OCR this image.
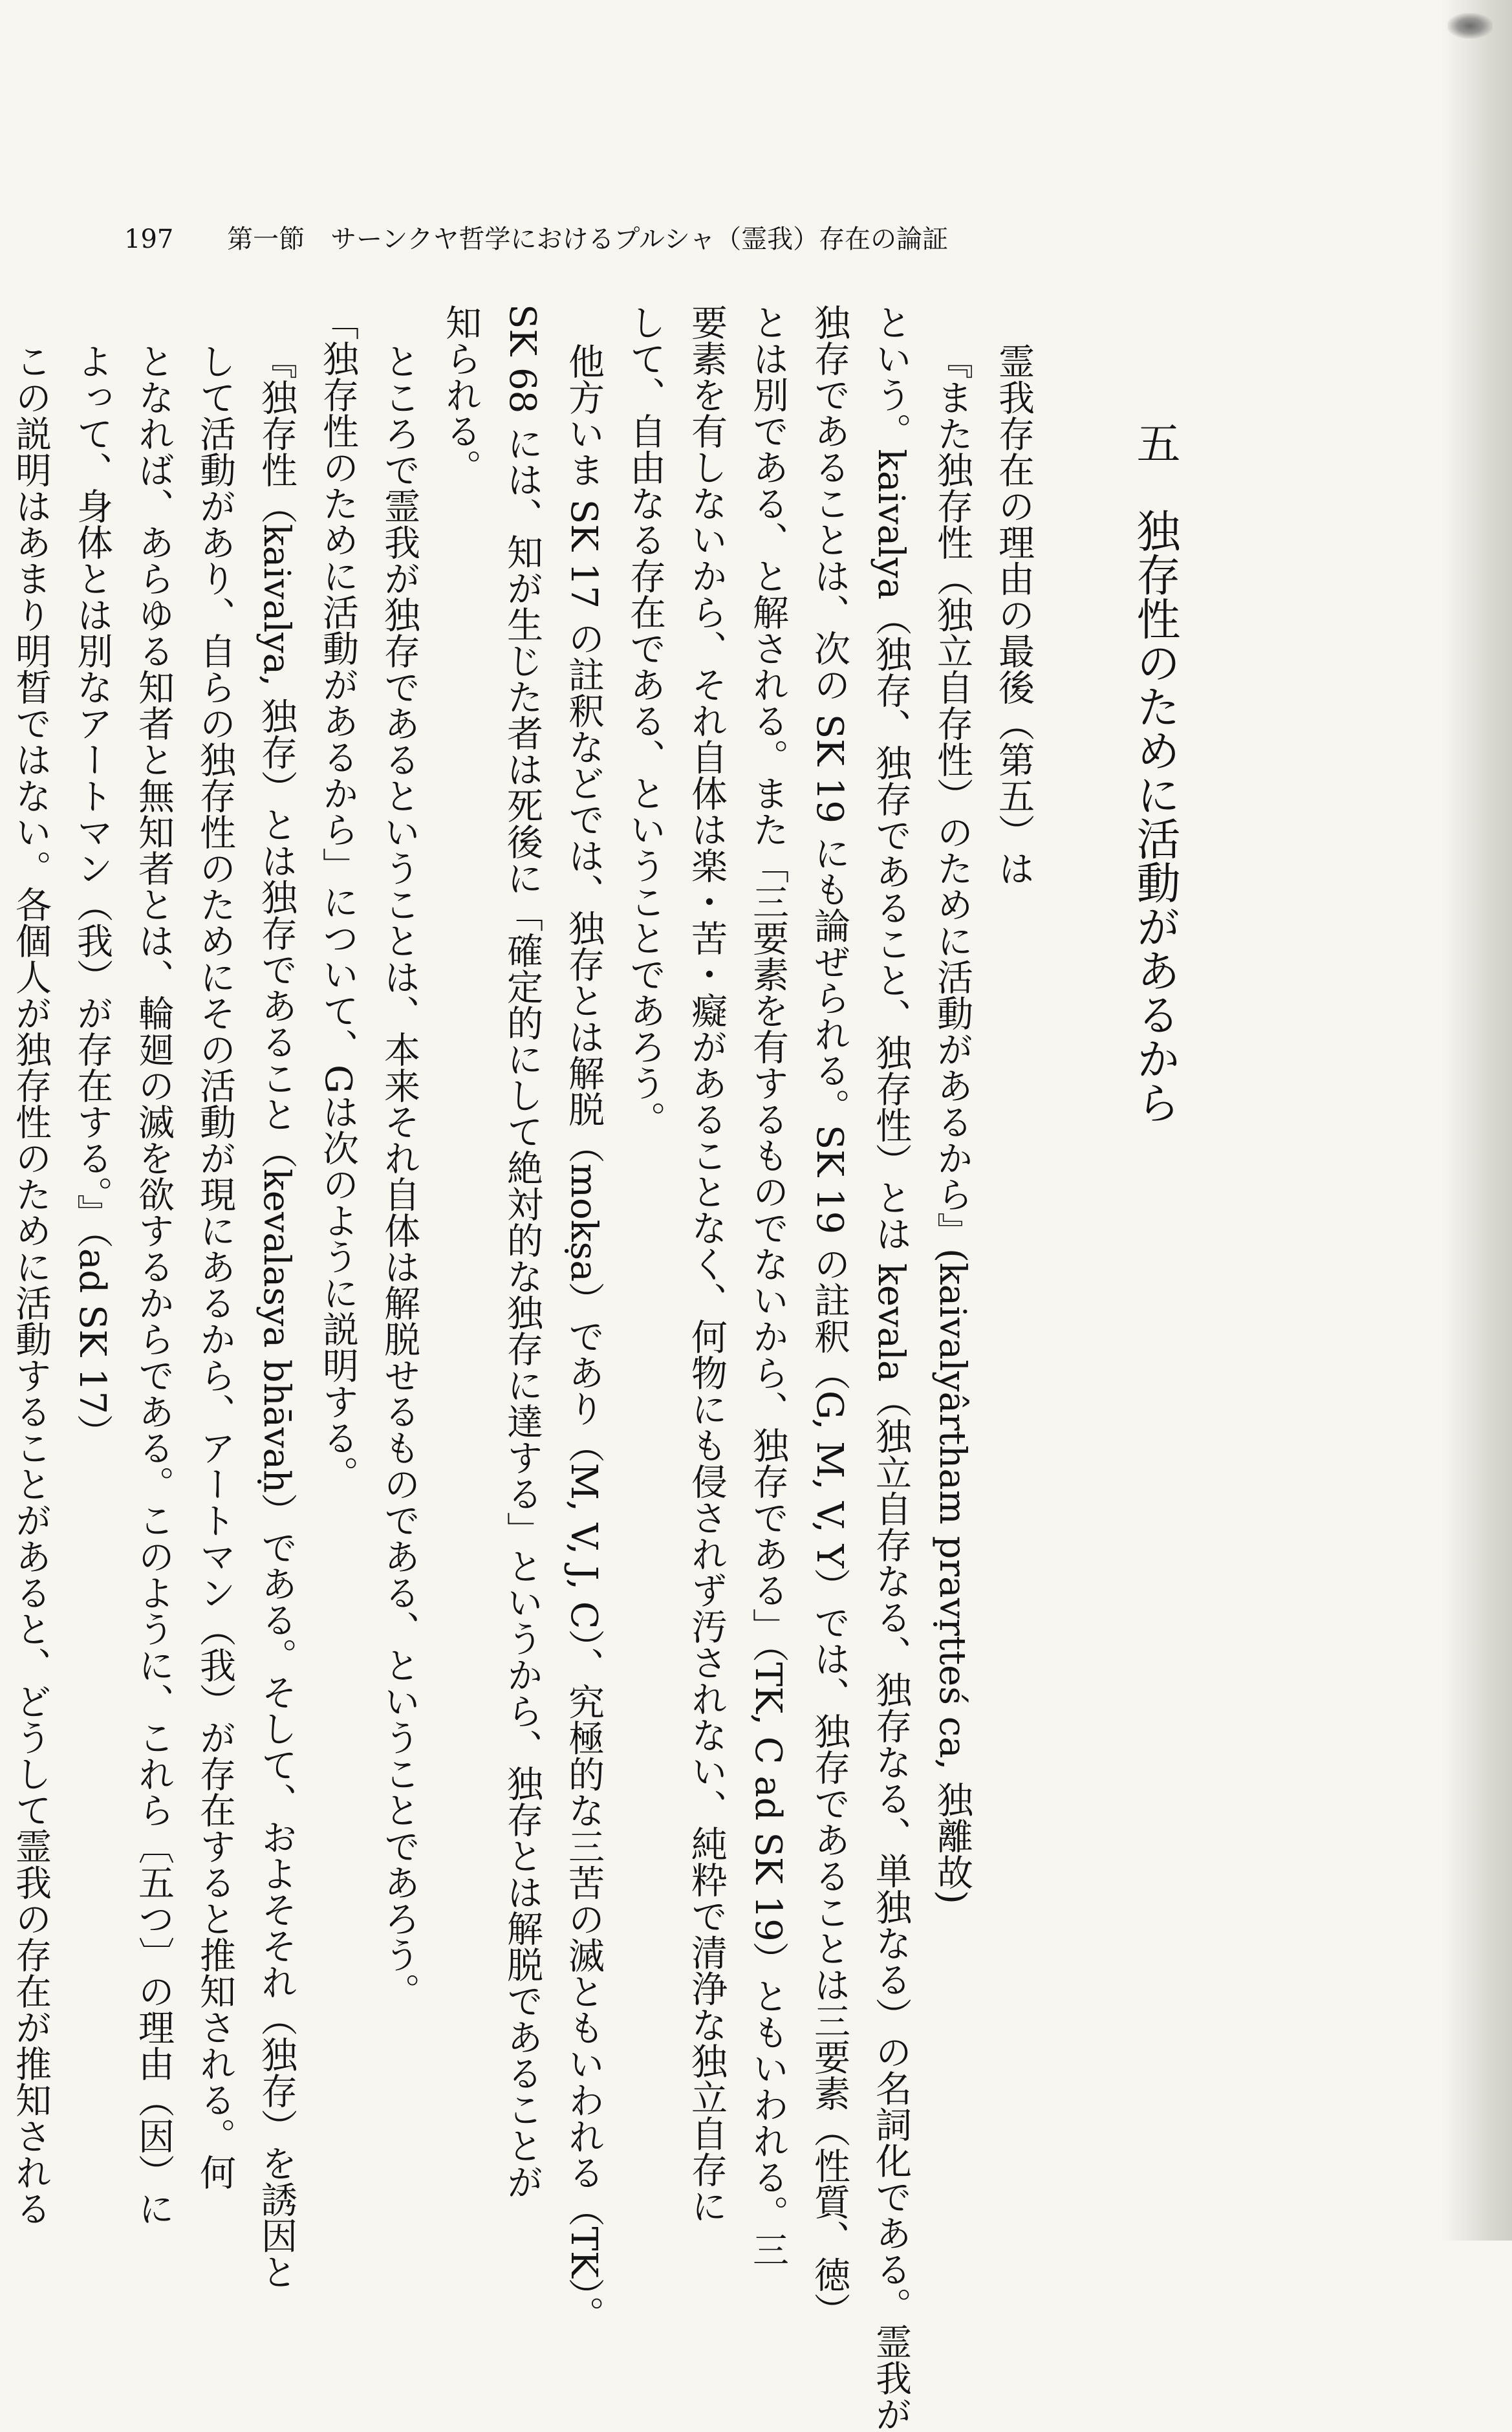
197 第一節　サーンクヤ哲学におけるプルシャ（霊我）存在の論証
五　独存性のために活動があるから
霊我存在の理由の最後（第五）は
『また独存性（独立自存性）のために活動があるから』(kaivalyârtham pravṛtteś ca, 独離故)
という。kaivalya（独存、独存であること、独存性）とは kevala（独立自存なる、独存なる、単独なる）の名詞化である。霊我が
独存であることは、次の SK 19 にも論ぜられる。SK 19 の註釈（G, M, V, Y）では、独存であることは三要素（性質、徳）
とは別である、と解される。また「三要素を有するものでないから、独存である」（TK, C ad SK 19）ともいわれる。三
要素を有しないから、それ自体は楽・苦・癡があることなく、何物にも侵されず汚されない、純粋で清浄な独立自存に
して、自由なる存在である、ということであろう。
他方いま SK 17 の註釈などでは、独存とは解脱（mokṣa）であり（M, V, J, C）、究極的な三苦の滅ともいわれる（TK）。
SK 68 には、知が生じた者は死後に「確定的にして絶対的な独存に達する」というから、独存とは解脱であることが
知られる。
ところで霊我が独存であるということは、本来それ自体は解脱せるものである、ということであろう。
「独存性のために活動があるから」について、Gは次のように説明する。
『独存性（kaivalya, 独存）とは独存であること（kevalasya bhāvaḥ）である。そして、およそそれ（独存）を誘因と
して活動があり、自らの独存性のためにその活動が現にあるから、アートマン（我）が存在すると推知される。何
となれば、あらゆる知者と無知者とは、輪廻の滅を欲するからである。このように、これら〔五つ〕の理由（因）に
よって、身体とは別なアートマン（我）が存在する。』（ad SK 17）
この説明はあまり明晳ではない。各個人が独存性のために活動することがあると、どうして霊我の存在が推知される
